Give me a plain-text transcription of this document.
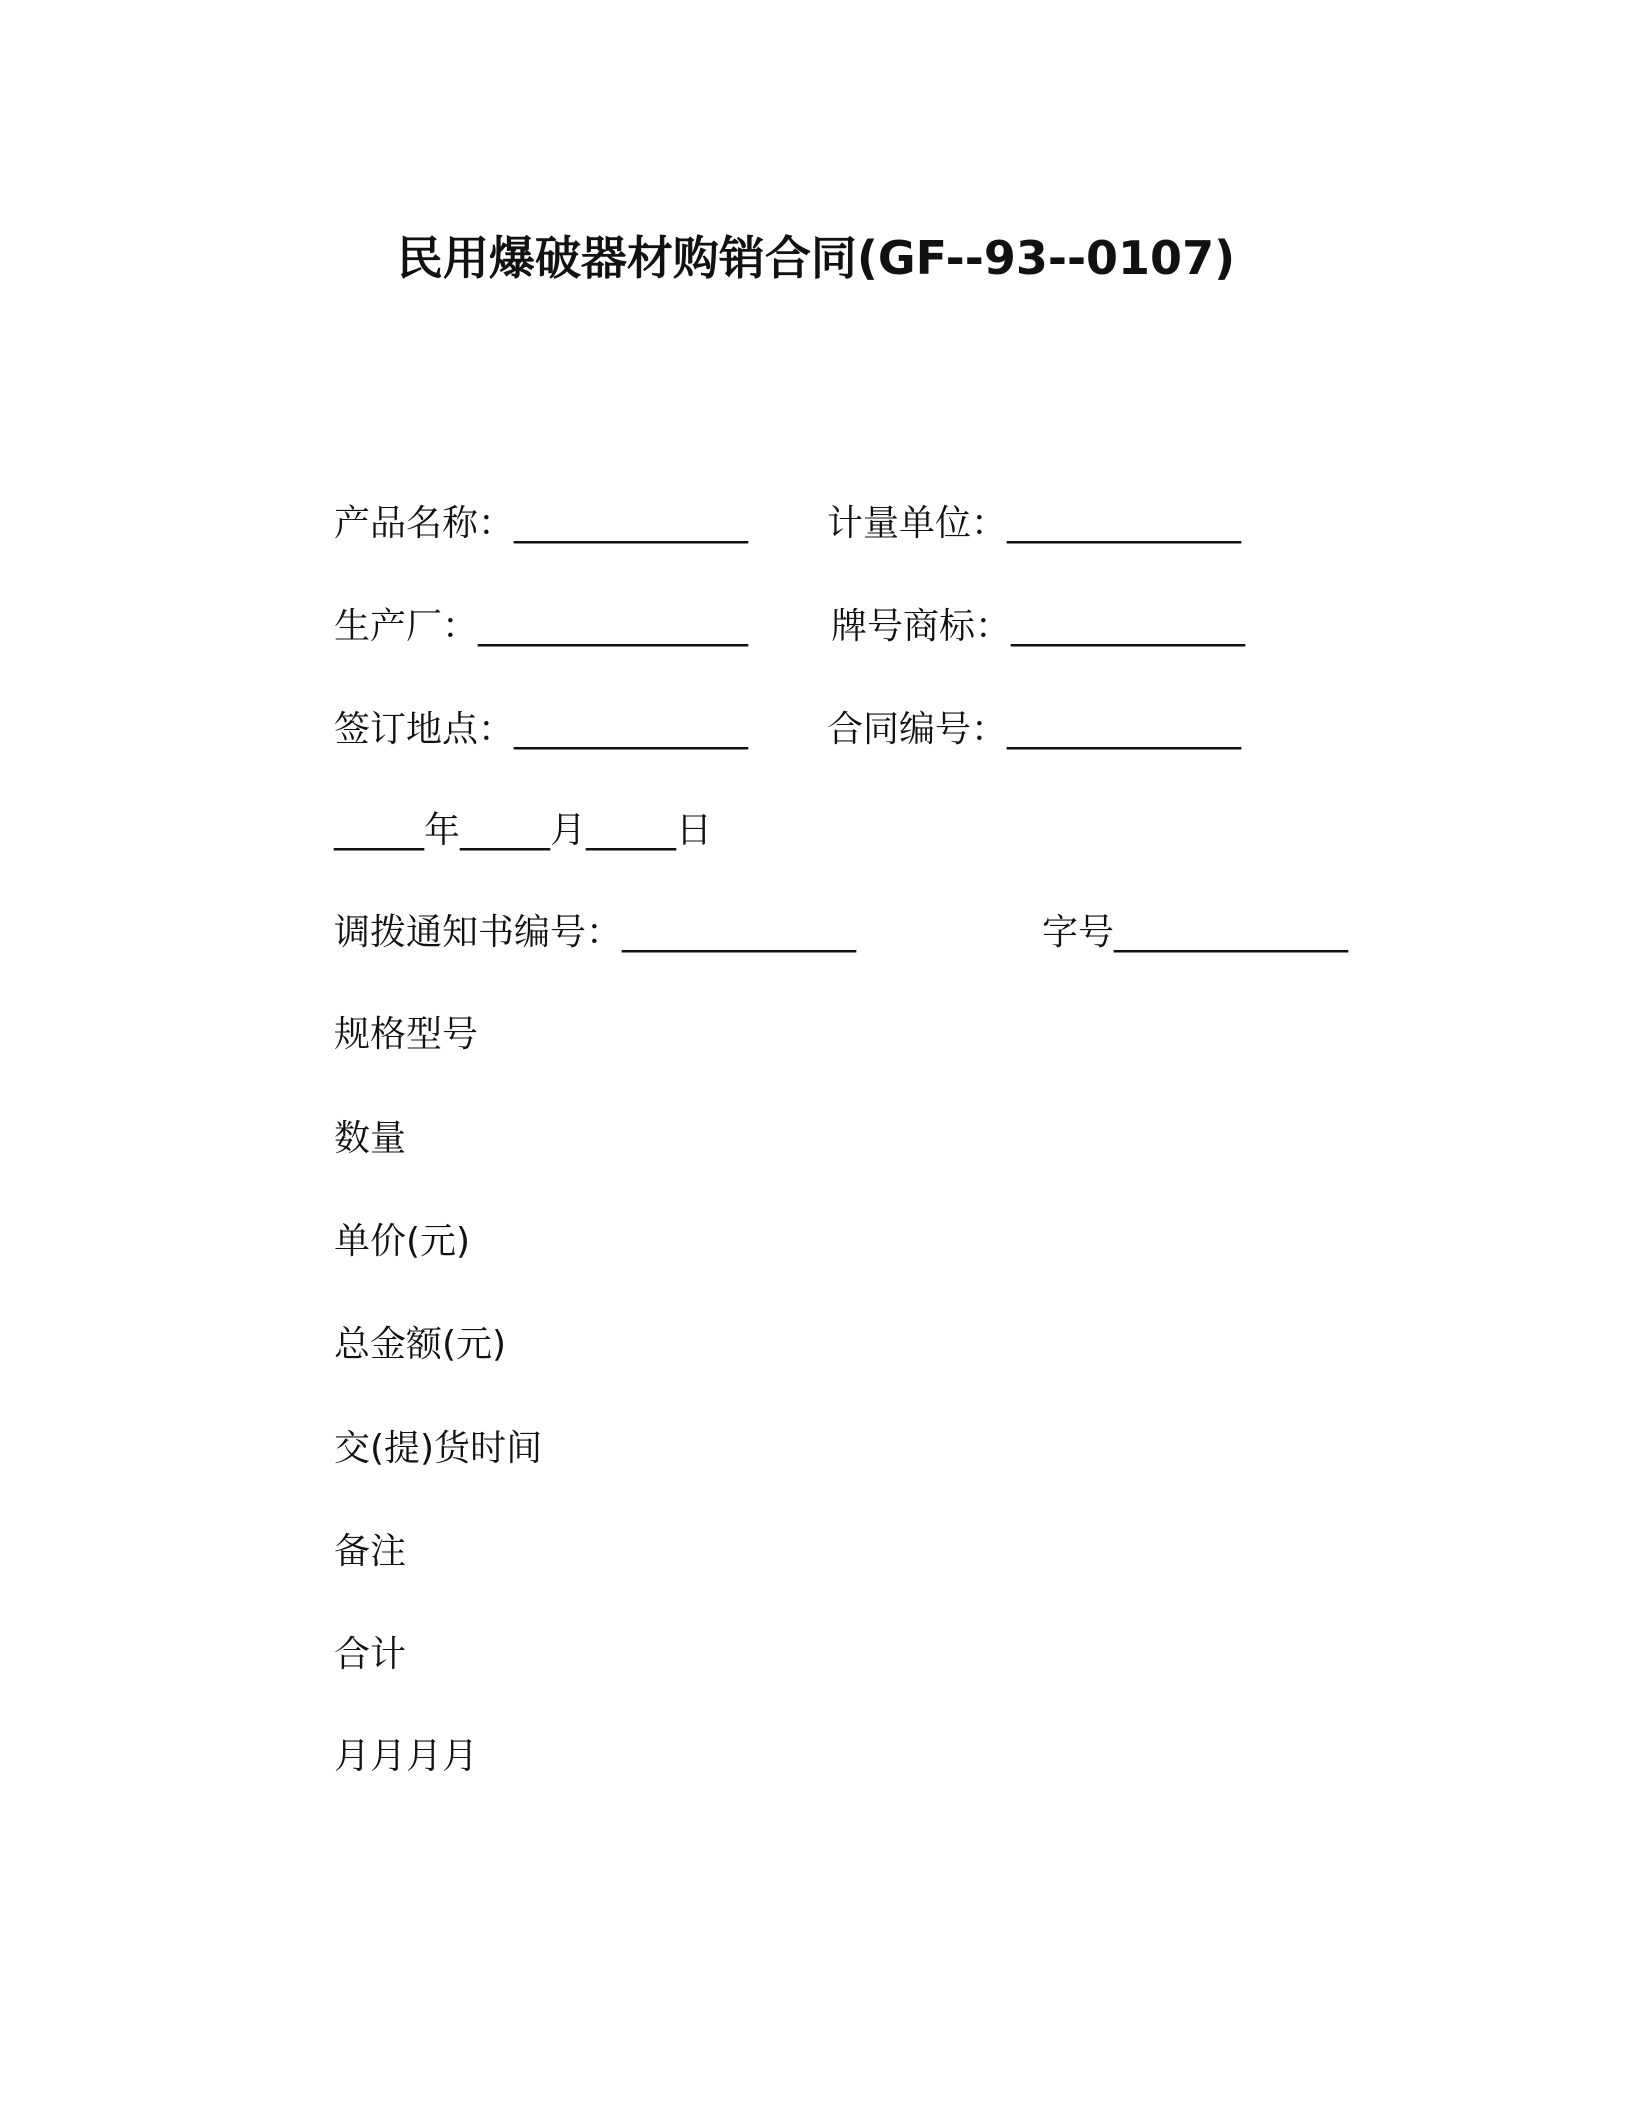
民用爆破器材购销合同(GF--93--0107)
产品名称：_____________ 计量单位：_____________
生产厂：_______________ 牌号商标：_____________
签订地点：_____________ 合同编号：_____________
_____年_____月_____日
调拨通知书编号：_____________	字号_____________
规格型号
数量
单价(元)
总金额(元)
交(提)货时间
备注
合计
月月月月
